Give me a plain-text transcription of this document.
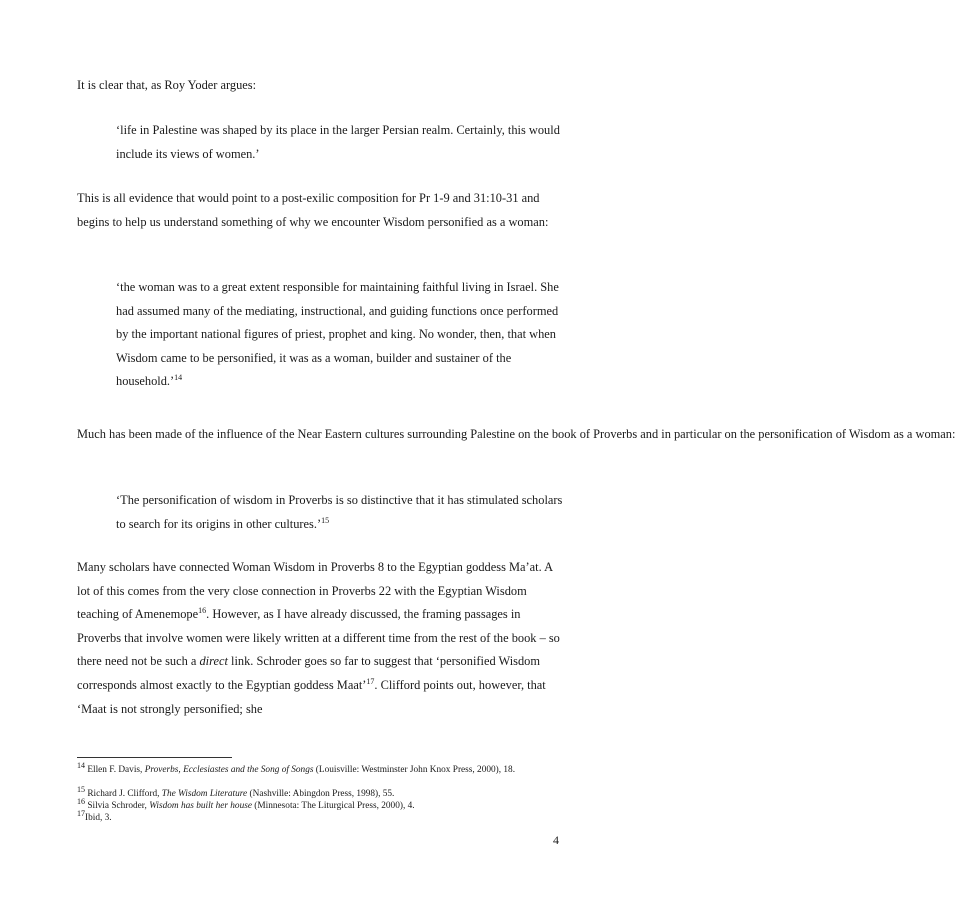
It is clear that, as Roy Yoder argues:

‘life in Palestine was shaped by its place in the larger Persian realm. Certainly, this would include its views of women.’

This is all evidence that would point to a post-exilic composition for Pr 1-9 and 31:10-31 and begins to help us understand something of why we encounter Wisdom personified as a woman:

‘the woman was to a great extent responsible for maintaining faithful living in Israel. She had assumed many of the mediating, instructional, and guiding functions once performed by the important national figures of priest, prophet and king. No wonder, then, that when Wisdom came to be personified, it was as a woman, builder and sustainer of the household.’$^{14}$

Much has been made of the influence of the Near Eastern cultures surrounding Palestine on the book of Proverbs and in particular on the personification of Wisdom as a woman:

‘The personification of wisdom in Proverbs is so distinctive that it has stimulated scholars to search for its origins in other cultures.’$^{15}$

Many scholars have connected Woman Wisdom in Proverbs 8 to the Egyptian goddess Ma’at. A lot of this comes from the very close connection in Proverbs 22 with the Egyptian Wisdom teaching of Amenemope$^{16}$. However, as I have already discussed, the framing passages in Proverbs that involve women were likely written at a different time from the rest of the book – so there need not be such a direct link. Schroder goes so far to suggest that ‘personified Wisdom corresponds almost exactly to the Egyptian goddess Maat’$^{17}$. Clifford points out, however, that ‘Maat is not strongly personified; she

$^{14}$ Ellen F. Davis, Proverbs, Ecclesiastes and the Song of Songs (Louisville: Westminster John Knox Press, 2000), 18.

$^{15}$ Richard J. Clifford, The Wisdom Literature (Nashville: Abingdon Press, 1998), 55.

$^{16}$ Silvia Schroder, Wisdom has built her house (Minnesota: The Liturgical Press, 2000), 4.

$^{17}$Ibid, 3.

4
